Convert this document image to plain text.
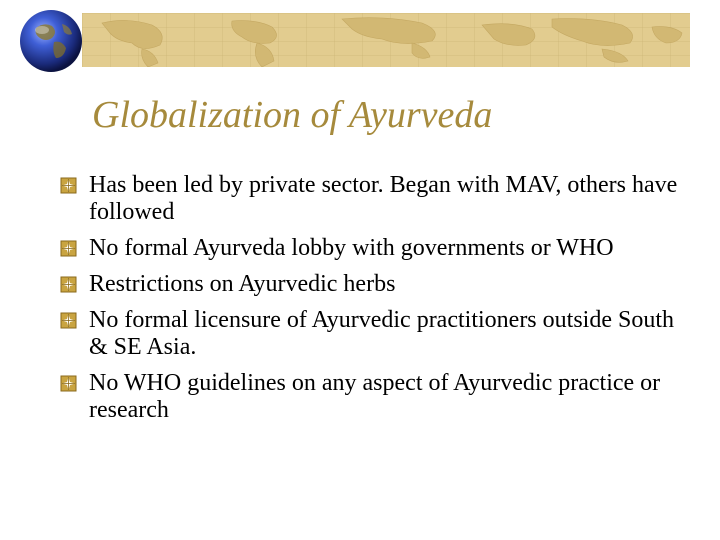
Globalization of Ayurveda
Has been led by private sector. Began with MAV, others have followed
No formal Ayurveda lobby with governments or WHO
Restrictions on Ayurvedic herbs
No formal licensure of Ayurvedic practitioners outside South & SE Asia.
No WHO guidelines on any aspect of Ayurvedic practice or research
